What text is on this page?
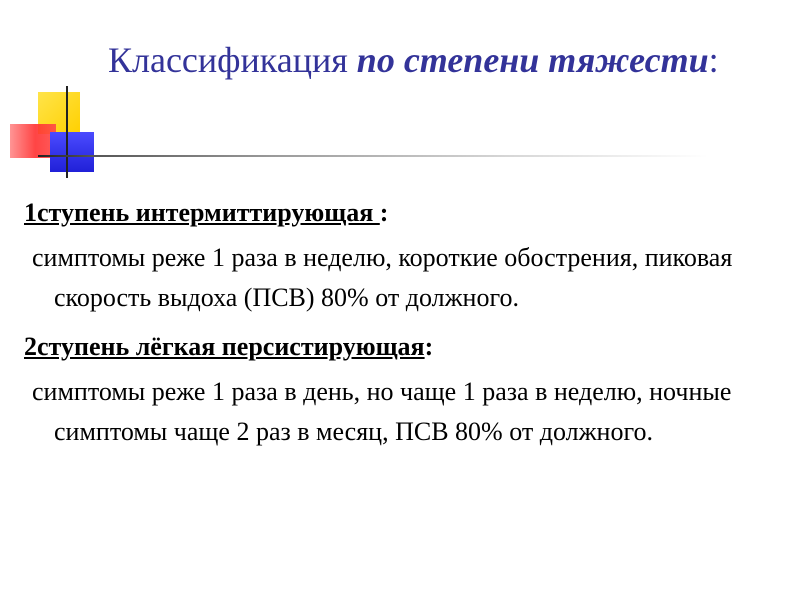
Классификация по степени тяжести:

1ступень интермиттирующая :

симптомы реже 1 раза в неделю, короткие обострения, пиковая скорость выдоха (ПСВ) 80% от должного.

2ступень лёгкая персистирующая:

симптомы реже 1 раза в день, но чаще 1 раза в неделю, ночные симптомы чаще 2 раз в месяц, ПСВ 80% от должного.
